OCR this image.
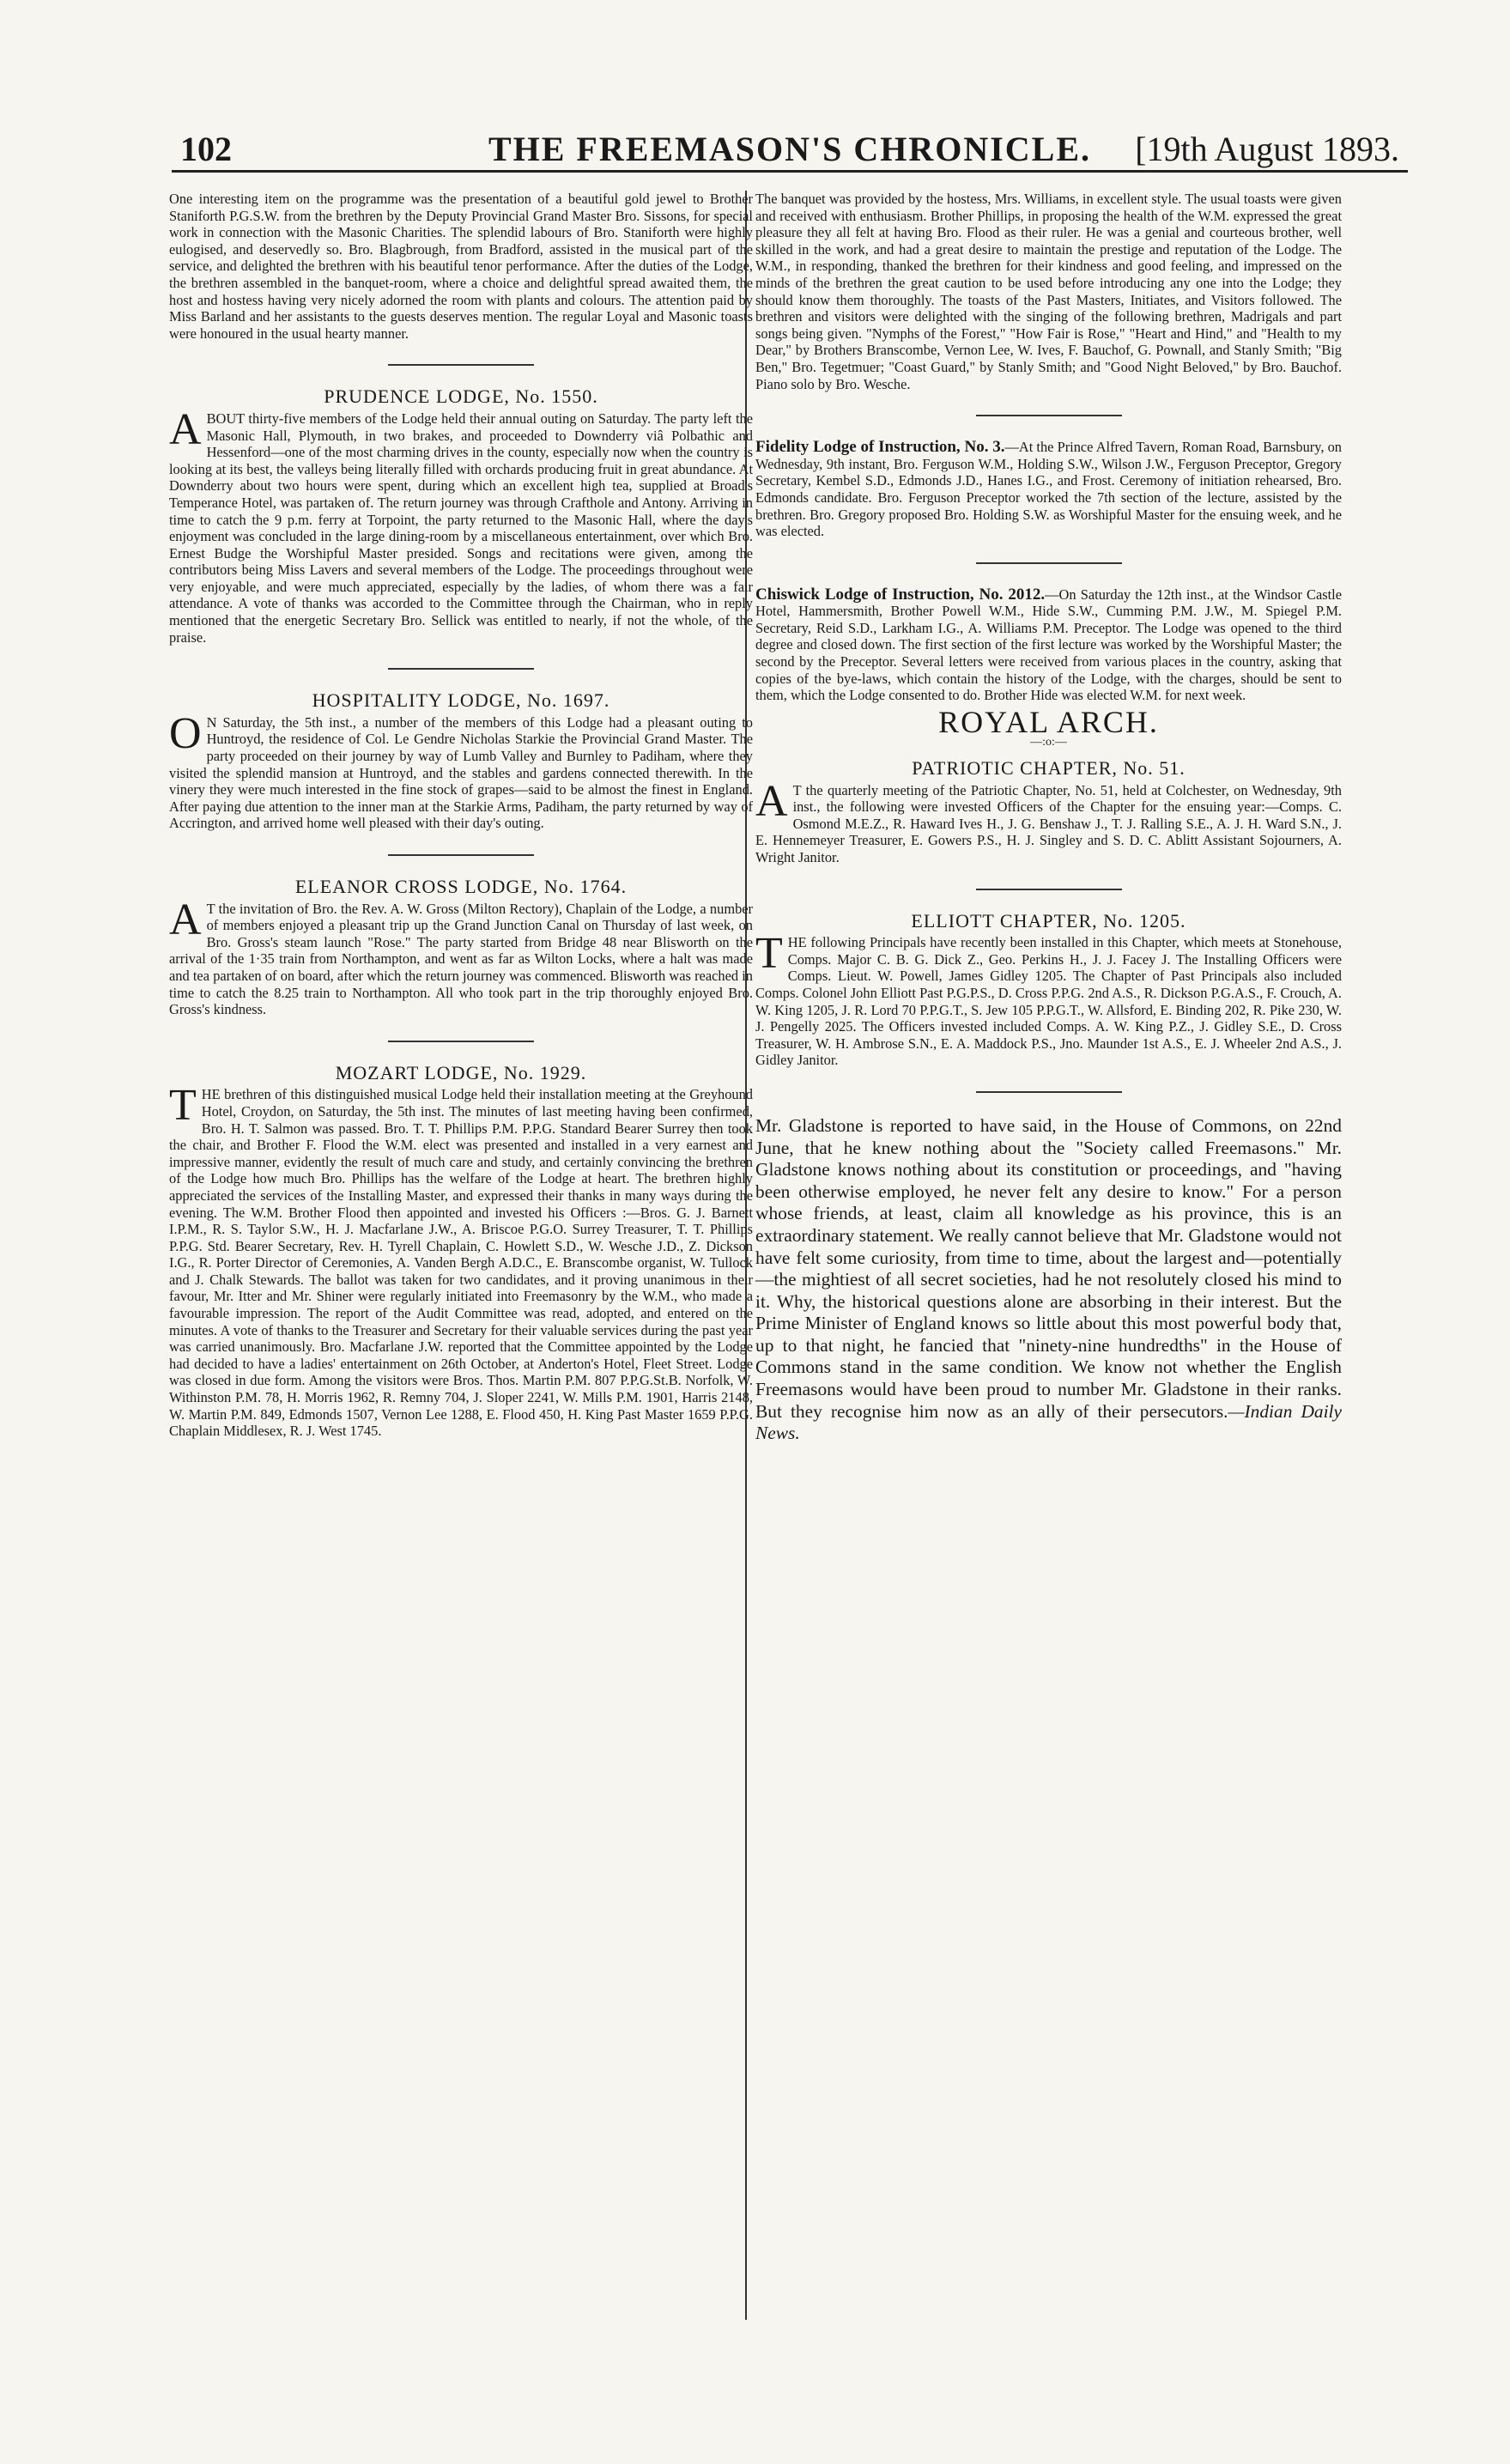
102	THE FREEMASON'S CHRONICLE.	[19th August 1893.

One interesting item on the programme was the presentation of a beautiful gold jewel to Brother Staniforth P.G.S.W. from the brethren by the Deputy Provincial Grand Master Bro. Sissons, for special work in connection with the Masonic Charities. The splendid labours of Bro. Staniforth were highly eulogised, and deservedly so. Bro. Blagbrough, from Bradford, assisted in the musical part of the service, and delighted the brethren with his beautiful tenor performance. After the duties of the Lodge, the brethren assembled in the banquet-room, where a choice and delightful spread awaited them, the host and hostess having very nicely adorned the room with plants and colours. The attention paid by Miss Barland and her assistants to the guests deserves mention. The regular Loyal and Masonic toasts were honoured in the usual hearty manner.

PRUDENCE LODGE, No. 1550.

ABOUT thirty-five members of the Lodge held their annual outing on Saturday. The party left the Masonic Hall, Plymouth, in two brakes, and proceeded to Downderry viâ Polbathic and Hessenford—one of the most charming drives in the county, especially now when the country is looking at its best, the valleys being literally filled with orchards producing fruit in great abundance. At Downderry about two hours were spent, during which an excellent high tea, supplied at Broad's Temperance Hotel, was partaken of. The return journey was through Crafthole and Antony. Arriving in time to catch the 9 p.m. ferry at Torpoint, the party returned to the Masonic Hall, where the day's enjoyment was concluded in the large dining-room by a miscellaneous entertainment, over which Bro. Ernest Budge the Worshipful Master presided. Songs and recitations were given, among the contributors being Miss Lavers and several members of the Lodge. The proceedings throughout were very enjoyable, and were much appreciated, especially by the ladies, of whom there was a fair attendance. A vote of thanks was accorded to the Committee through the Chairman, who in reply mentioned that the energetic Secretary Bro. Sellick was entitled to nearly, if not the whole, of the praise.

HOSPITALITY LODGE, No. 1697.

O N Saturday, the 5th inst., a number of the members of this Lodge had a pleasant outing to Huntroyd, the residence of Col. Le Gendre Nicholas Starkie the Provincial Grand Master. The party proceeded on their journey by way of Lumb Valley and Burnley to Padiham, where they visited the splendid mansion at Huntroyd, and the stables and gardens connected therewith. In the vinery they were much interested in the fine stock of grapes—said to be almost the finest in England. After paying due attention to the inner man at the Starkie Arms, Padiham, the party returned by way of Accrington, and arrived home well pleased with their day's outing.

ELEANOR CROSS LODGE, No. 1764.

A T the invitation of Bro. the Rev. A. W. Gross (Milton Rectory), Chaplain of the Lodge, a number of members enjoyed a pleasant trip up the Grand Junction Canal on Thursday of last week, on Bro. Gross's steam launch "Rose." The party started from Bridge 48 near Blisworth on the arrival of the 1·35 train from Northampton, and went as far as Wilton Locks, where a halt was made and tea partaken of on board, after which the return journey was commenced. Blisworth was reached in time to catch the 8.25 train to Northampton. All who took part in the trip thoroughly enjoyed Bro. Gross's kindness.

MOZART LODGE, No. 1929.

THE brethren of this distinguished musical Lodge held their installation meeting at the Greyhound Hotel, Croydon, on Saturday, the 5th inst. The minutes of last meeting having been confirmed, Bro. H. T. Salmon was passed. Bro. T. T. Phillips P.M. P.P.G. Standard Bearer Surrey then took the chair, and Brother F. Flood the W.M. elect was presented and installed in a very earnest and impressive manner, evidently the result of much care and study, and certainly convincing the brethren of the Lodge how much Bro. Phillips has the welfare of the Lodge at heart. The brethren highly appreciated the services of the Installing Master, and expressed their thanks in many ways during the evening. The W.M. Brother Flood then appointed and invested his Officers :—Bros. G. J. Barnett I.P.M., R. S. Taylor S.W., H. J. Macfarlane J.W., A. Briscoe P.G.O. Surrey Treasurer, T. T. Phillips P.P.G. Std. Bearer Secretary, Rev. H. Tyrell Chaplain, C. Howlett S.D., W. Wesche J.D., Z. Dickson I.G., R. Porter Director of Ceremonies, A. Vanden Bergh A.D.C., E. Branscombe organist, W. Tullock and J. Chalk Stewards. The ballot was taken for two candidates, and it proving unanimous in their favour, Mr. Itter and Mr. Shiner were regularly initiated into Freemasonry by the W.M., who made a favourable impression. The report of the Audit Committee was read, adopted, and entered on the minutes. A vote of thanks to the Treasurer and Secretary for their valuable services during the past year was carried unanimously. Bro. Macfarlane J.W. reported that the Committee appointed by the Lodge had decided to have a ladies' entertainment on 26th October, at Anderton's Hotel, Fleet Street. Lodge was closed in due form. Among the visitors were Bros. Thos. Martin P.M. 807 P.P.G.St.B. Norfolk, W. Withinston P.M. 78, H. Morris 1962, R. Remny 704, J. Sloper 2241, W. Mills P.M. 1901, Harris 2148, W. Martin P.M. 849, Edmonds 1507, Vernon Lee 1288, E. Flood 450, H. King Past Master 1659 P.P.G. Chaplain Middlesex, R. J. West 1745.

The banquet was provided by the hostess, Mrs. Williams, in excellent style. The usual toasts were given and received with enthusiasm. Brother Phillips, in proposing the health of the W.M. expressed the great pleasure they all felt at having Bro. Flood as their ruler. He was a genial and courteous brother, well skilled in the work, and had a great desire to maintain the prestige and reputation of the Lodge. The W.M., in responding, thanked the brethren for their kindness and good feeling, and impressed on the minds of the brethren the great caution to be used before introducing any one into the Lodge; they should know them thoroughly. The toasts of the Past Masters, Initiates, and Visitors followed. The brethren and visitors were delighted with the singing of the following brethren, Madrigals and part songs being given. "Nymphs of the Forest," "How Fair is Rose," "Heart and Hind," and "Health to my Dear," by Brothers Branscombe, Vernon Lee, W. Ives, F. Bauchof, G. Pownall, and Stanly Smith; "Big Ben," Bro. Tegetmuer; "Coast Guard," by Stanly Smith; and "Good Night Beloved," by Bro. Bauchof. Piano solo by Bro. Wesche.

Fidelity Lodge of Instruction, No. 3.—At the Prince Alfred Tavern, Roman Road, Barnsbury, on Wednesday, 9th instant, Bro. Ferguson W.M., Holding S.W., Wilson J.W., Ferguson Preceptor, Gregory Secretary, Kembel S.D., Edmonds J.D., Hanes I.G., and Frost. Ceremony of initiation rehearsed, Bro. Edmonds candidate. Bro. Ferguson Preceptor worked the 7th section of the lecture, assisted by the brethren. Bro. Gregory proposed Bro. Holding S.W. as Worshipful Master for the ensuing week, and he was elected.

Chiswick Lodge of Instruction, No. 2012.—On Saturday the 12th inst., at the Windsor Castle Hotel, Hammersmith, Brother Powell W.M., Hide S.W., Cumming P.M. J.W., M. Spiegel P.M. Secretary, Reid S.D., Larkham I.G., A. Williams P.M. Preceptor. The Lodge was opened to the third degree and closed down. The first section of the first lecture was worked by the Worshipful Master; the second by the Preceptor. Several letters were received from various places in the country, asking that copies of the bye-laws, which contain the history of the Lodge, with the charges, should be sent to them, which the Lodge consented to do. Brother Hide was elected W.M. for next week.

ROYAL ARCH.
—:o:—
PATRIOTIC CHAPTER, No. 51.

A T the quarterly meeting of the Patriotic Chapter, No. 51, held at Colchester, on Wednesday, 9th inst., the following were invested Officers of the Chapter for the ensuing year:—Comps. C. Osmond M.E.Z., R. Haward Ives H., J. G. Benshaw J., T. J. Ralling S.E., A. J. H. Ward S.N., J. E. Hennemeyer Treasurer, E. Gowers P.S., H. J. Singley and S. D. C. Ablitt Assistant Sojourners, A. Wright Janitor.

ELLIOTT CHAPTER, No. 1205.

THE following Principals have recently been installed in this Chapter, which meets at Stonehouse, Comps. Major C. B. G. Dick Z., Geo. Perkins H., J. J. Facey J. The Installing Officers were Comps. Lieut. W. Powell, James Gidley 1205. The Chapter of Past Principals also included Comps. Colonel John Elliott Past P.G.P.S., D. Cross P.P.G. 2nd A.S., R. Dickson P.G.A.S., F. Crouch, A. W. King 1205, J. R. Lord 70 P.P.G.T., S. Jew 105 P.P.G.T., W. Allsford, E. Binding 202, R. Pike 230, W. J. Pengelly 2025. The Officers invested included Comps. A. W. King P.Z., J. Gidley S.E., D. Cross Treasurer, W. H. Ambrose S.N., E. A. Maddock P.S., Jno. Maunder 1st A.S., E. J. Wheeler 2nd A.S., J. Gidley Janitor.

Mr. Gladstone is reported to have said, in the House of Commons, on 22nd June, that he knew nothing about the "Society called Freemasons." Mr. Gladstone knows nothing about its constitution or proceedings, and "having been otherwise employed, he never felt any desire to know." For a person whose friends, at least, claim all knowledge as his province, this is an extraordinary statement. We really cannot believe that Mr. Gladstone would not have felt some curiosity, from time to time, about the largest and—potentially—the mightiest of all secret societies, had he not resolutely closed his mind to it. Why, the historical questions alone are absorbing in their interest. But the Prime Minister of England knows so little about this most powerful body that, up to that night, he fancied that "ninety-nine hundredths" in the House of Commons stand in the same condition. We know not whether the English Freemasons would have been proud to number Mr. Gladstone in their ranks. But they recognise him now as an ally of their persecutors.—Indian Daily News.
